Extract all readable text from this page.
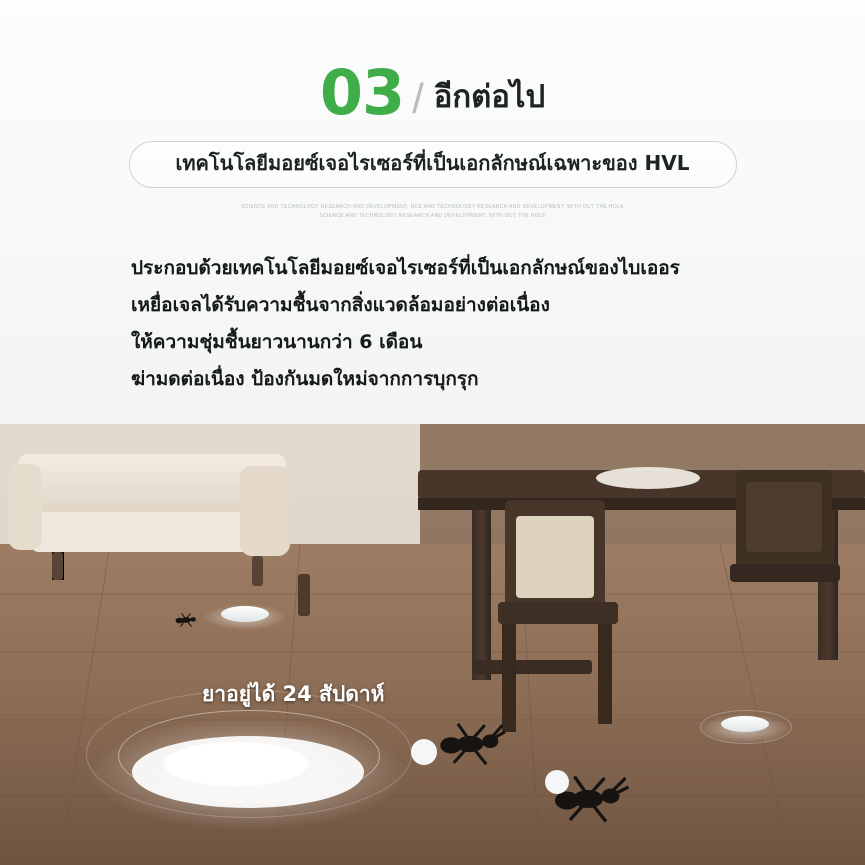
03 / อีกต่อไป
เทคโนโลยีมอยซ์เจอไรเซอร์ที่เป็นเอกลักษณ์เฉพาะของ HVL
SCIENCE AND TECHNOLOGY RESEARCH AND DEVELOPMENT, NCE AND TECHNOLOGY RESEARCH AND DEVELOPMENT, WITH OUT THE HOLE
SCIENCE AND TECHNOLOGY RESEARCH AND DEVELOPMENT, WITH OUT THE HOLE
ประกอบด้วยเทคโนโลยีมอยซ์เจอไรเซอร์ที่เป็นเอกลักษณ์ของไบเออร
เหยื่อเจลได้รับความชื้นจากสิ่งแวดล้อมอย่างต่อเนื่อง
ให้ความชุ่มชื้นยาวนานกว่า 6 เดือน
ฆ่ามดต่อเนื่อง ป้องกันมดใหม่จากการบุกรุก
ยาอยู่ได้ 24 สัปดาห์
